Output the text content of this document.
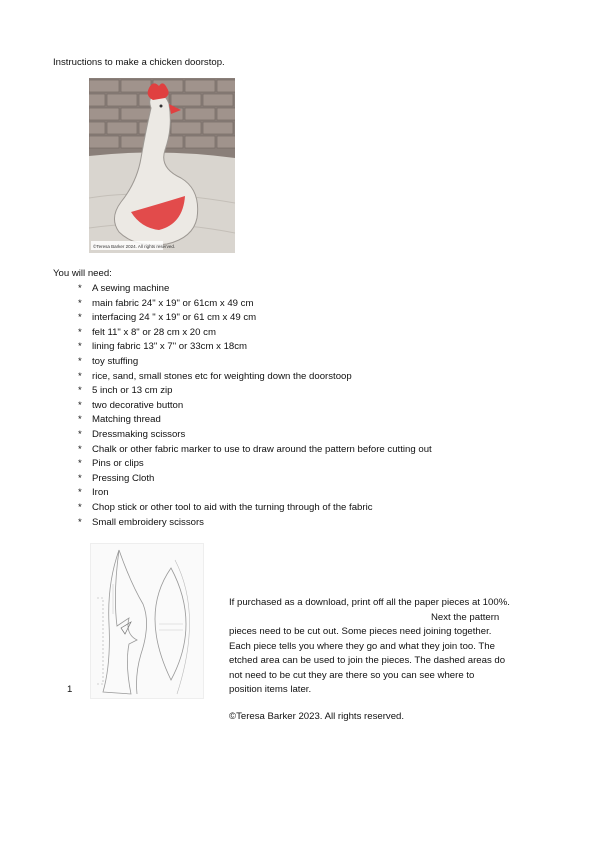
Instructions to make a chicken doorstop.
©Teresa Barker 2024. All rights reserved.
You will need:
* A sewing machine
* main fabric 24" x 19" or 61cm x 49 cm
* interfacing 24 " x 19" or 61 cm x 49 cm
* felt 11" x 8" or 28 cm x 20 cm
* lining fabric 13" x 7" or 33cm x 18cm
* toy stuffing
* rice, sand, small stones etc for weighting down the doorstoop
* 5 inch or 13 cm zip
* two decorative button
* Matching thread
* Dressmaking scissors
* Chalk or other fabric marker to use to draw around the pattern before cutting out
* Pins or clips
* Pressing Cloth
* Iron
* Chop stick or other tool to aid with the turning through of the fabric
* Small embroidery scissors
1
If purchased as a download, print off all the paper pieces at 100%.
Next the pattern
pieces need to be cut out. Some pieces need joining together.
Each piece tells you where they go and what they join too. The
etched area can be used to join the pieces. The dashed areas do
not need to be cut they are there so you can see where to
position items later.
©Teresa Barker 2023. All rights reserved.
